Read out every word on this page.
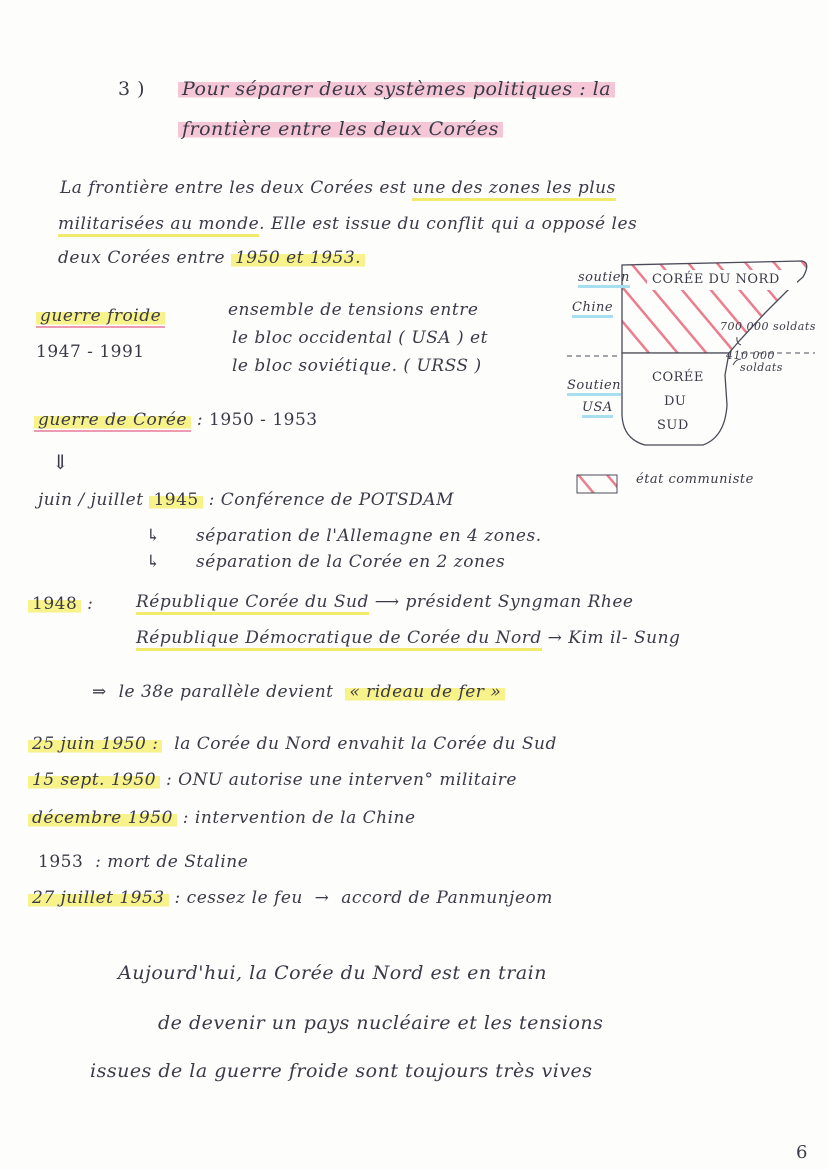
3 ) Pour séparer deux systèmes politiques : la
frontière entre les deux Corées
La frontière entre les deux Corées est une des zones les plus
militarisées au monde. Elle est issue du conflit qui a opposé les
deux Corées entre 1950 et 1953.
guerre froide
1947 - 1991
ensemble de tensions entre
le bloc occidental ( USA ) et
le bloc soviétique. ( URSS )
guerre de Corée : 1950 - 1953
⇓
soutien
Chine
Soutien
USA
CORÉE DU NORD
CORÉE
DU
SUD
700 000 soldats
410 000
soldats
état communiste
juin / juillet 1945 : Conférence de POTSDAM
↳ séparation de l'Allemagne en 4 zones.
↳ séparation de la Corée en 2 zones
1948 :	République Corée du Sud ⟶ président Syngman Rhee
République Démocratique de Corée du Nord → Kim il- Sung
⇒ le 38e parallèle devient « rideau de fer »
25 juin 1950 : la Corée du Nord envahit la Corée du Sud
15 sept. 1950 : ONU autorise une interven° militaire
décembre 1950 : intervention de la Chine
1953 : mort de Staline
27 juillet 1953 : cessez le feu → accord de Panmunjeom
Aujourd'hui, la Corée du Nord est en train
de devenir un pays nucléaire et les tensions
issues de la guerre froide sont toujours très vives
6
